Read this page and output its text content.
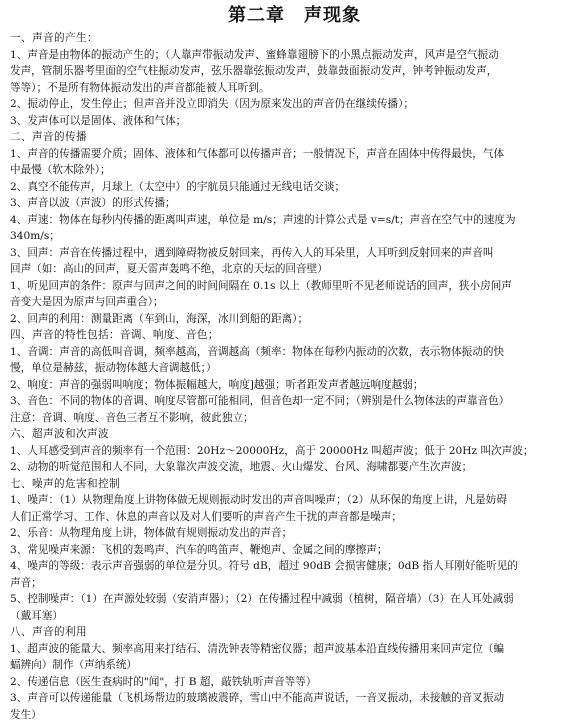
第二章　声现象
一、声音的产生：
1、声音是由物体的振动产生的；（人靠声带振动发声、蜜蜂靠翅膀下的小黑点振动发声，风声是空气振动
发声，管制乐器考里面的空气柱振动发声，弦乐器靠弦振动发声，鼓靠鼓面振动发声，钟考钟振动发声，
等等）；不是所有物体振动发出的声音都能被人耳听到。
2、振动停止，发生停止；但声音并没立即消失（因为原来发出的声音仍在继续传播）；
3、发声体可以是固体、液体和气体；
二、声音的传播
1、声音的传播需要介质；固体、液体和气体都可以传播声音；一般情况下，声音在固体中传得最快，气体
中最慢（软木除外）；
2、真空不能传声，月球上（太空中）的宇航员只能通过无线电话交谈；
3、声音以波（声波）的形式传播；
4、声速：物体在每秒内传播的距离叫声速，单位是 m/s；声速的计算公式是 v=s/t；声音在空气中的速度为
340m/s；
3、回声：声音在传播过程中，遇到障碍物被反射回来，再传入人的耳朵里，人耳听到反射回来的声音叫
回声（如：高山的回声，夏天雷声轰鸣不绝，北京的天坛的回音壁）
1、听见回声的条件：原声与回声之间的时间间隔在 0.1s 以上（教师里听不见老师说话的回声，狭小房间声
音变大是因为原声与回声重合）；
2、回声的利用：测量距离（车到山，海深，冰川到船的距离）；
四、声音的特性包括：音调、响度、音色；
1、音调：声音的高低叫音调，频率越高，音调越高（频率：物体在每秒内振动的次数，表示物体振动的快
慢，单位是赫兹，振动物体越大音调越低；）
2、响度：声音的强弱叫响度；物体振幅越大，响度]越强；听者距发声者越远响度越弱；
3、音色：不同的物体的音调、响度尽管都可能相同，但音色却一定不同；（辨别是什么物体法的声靠音色）
注意：音调、响度、音色三者互不影响，彼此独立；
六、超声波和次声波
1、人耳感受到声音的频率有一个范围：20Hz～20000Hz，高于 20000Hz 叫超声波；低于 20Hz 叫次声波；
2、动物的听觉范围和人不同，大象靠次声波交流，地震、火山爆发、台风、海啸都要产生次声波；
七、噪声的危害和控制
1、噪声：（1）从物理角度上讲物体做无规则振动时发出的声音叫噪声；（2）从环保的角度上讲，凡是妨碍
人们正常学习、工作、休息的声音以及对人们要听的声音产生干扰的声音都是噪声；
2、乐音：从物理角度上讲，物体做有规则振动发出的声音；
3、常见噪声来源：飞机的轰鸣声、汽车的鸣笛声、鞭炮声、金属之间的摩擦声；
4、噪声的等级：表示声音强弱的单位是分贝。符号 dB，超过 90dB 会损害健康；0dB 指人耳刚好能听见的
声音；
5、控制噪声：（1）在声源处较弱（安消声器）；（2）在传播过程中减弱（植树，隔音墙）（3）在人耳处减弱
（戴耳塞）
八、声音的利用
1、超声波的能量大、频率高用来打结石、清洗钟表等精密仪器；超声波基本沿直线传播用来回声定位（蝙
蝠辨向）制作（声纳系统）
2、传递信息（医生查病时的"闻"，打 B 超，敲铁轨听声音等等）
3、声音可以传递能量（飞机场帮边的玻璃被震碎，雪山中不能高声说话，一音叉振动，未接触的音叉振动
发生）
